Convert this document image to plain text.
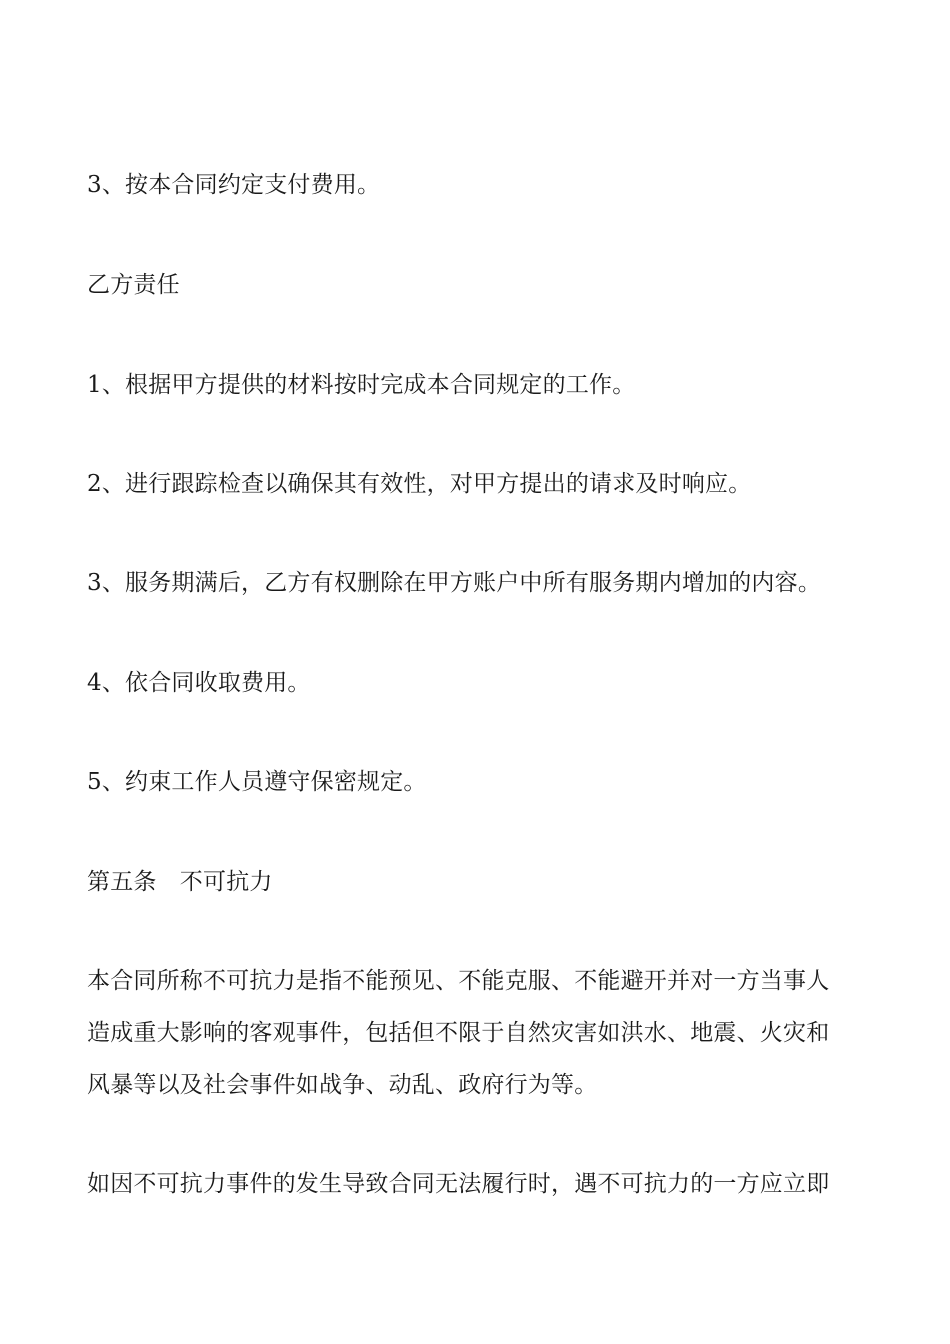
3、按本合同约定支付费用。
乙方责任
1、根据甲方提供的材料按时完成本合同规定的工作。
2、进行跟踪检查以确保其有效性，对甲方提出的请求及时响应。
3、服务期满后，乙方有权删除在甲方账户中所有服务期内增加的内容。
4、依合同收取费用。
5、约束工作人员遵守保密规定。
第五条　不可抗力
本合同所称不可抗力是指不能预见、不能克服、不能避开并对一方当事人
造成重大影响的客观事件，包括但不限于自然灾害如洪水、地震、火灾和
风暴等以及社会事件如战争、动乱、政府行为等。
如因不可抗力事件的发生导致合同无法履行时，遇不可抗力的一方应立即
